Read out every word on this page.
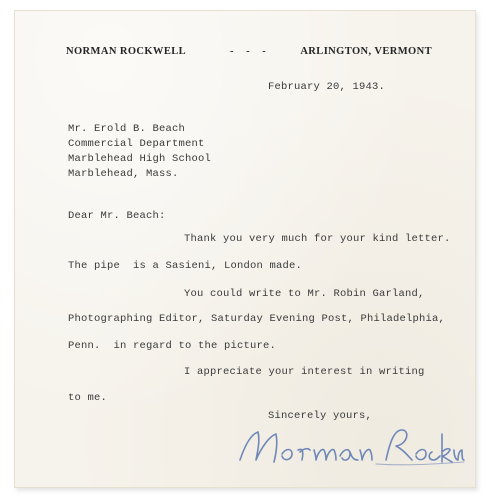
NORMAN ROCKWELL	- - -	ARLINGTON, VERMONT
February 20, 1943.
Mr. Erold B. Beach
Commercial Department
Marblehead High School
Marblehead, Mass.
Dear Mr. Beach:
Thank you very much for your kind letter.
The pipe  is a Sasieni, London made.
You could write to Mr. Robin Garland,
Photographing Editor, Saturday Evening Post, Philadelphia,
Penn.  in regard to the picture.
I appreciate your interest in writing
to me.
Sincerely yours,
